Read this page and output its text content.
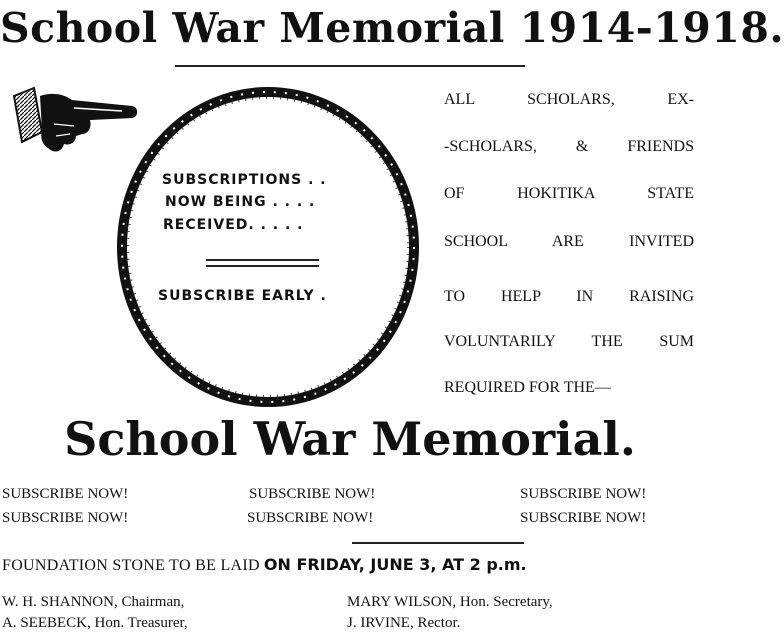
School War Memorial 1914-1918.
SUBSCRIPTIONS . .
NOW BEING . . . .
RECEIVED. . . . .
SUBSCRIBE EARLY .
ALL SCHOLARS, EX-
-SCHOLARS, & FRIENDS
OF HOKITIKA STATE
SCHOOL ARE INVITED
TO HELP IN RAISING
VOLUNTARILY THE SUM
REQUIRED FOR THE—
School War Memorial.
SUBSCRIBE NOW!
SUBSCRIBE NOW!
SUBSCRIBE NOW!
SUBSCRIBE NOW!
SUBSCRIBE NOW!
SUBSCRIBE NOW!
FOUNDATION STONE TO BE LAID ON FRIDAY, JUNE 3, AT 2 p.m.
W. H. SHANNON, Chairman,
A. SEEBECK, Hon. Treasurer,
MARY WILSON, Hon. Secretary,
J. IRVINE, Rector.
